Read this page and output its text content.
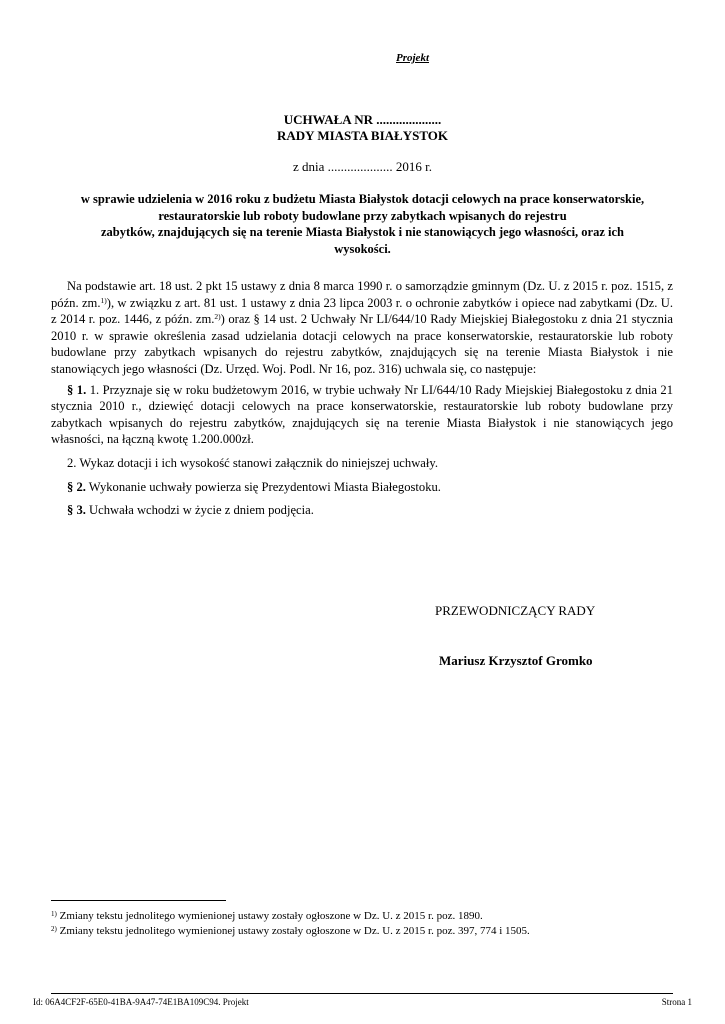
Projekt
UCHWAŁA NR ....................
RADY MIASTA BIAŁYSTOK
z dnia .................... 2016 r.
w sprawie udzielenia w 2016 roku z budżetu Miasta Białystok dotacji celowych na prace konserwatorskie,
restauratorskie lub roboty budowlane przy zabytkach wpisanych do rejestru
zabytków, znajdujących się na terenie Miasta Białystok i nie stanowiących jego własności, oraz ich
wysokości.

Na podstawie art. 18 ust. 2 pkt 15 ustawy z dnia 8 marca 1990 r. o samorządzie gminnym (Dz. U. z 2015 r. poz. 1515, z późn. zm.$^{1)}$), w związku z art. 81 ust. 1 ustawy z dnia 23 lipca 2003 r. o ochronie zabytków i opiece nad zabytkami (Dz. U. z 2014 r. poz. 1446, z późn. zm.$^{2)}$) oraz § 14 ust. 2 Uchwały Nr LI/644/10 Rady Miejskiej Białegostoku z dnia 21 stycznia 2010 r. w sprawie określenia zasad udzielania dotacji celowych na prace konserwatorskie, restauratorskie lub roboty budowlane przy zabytkach wpisanych do rejestru zabytków, znajdujących się na terenie Miasta Białystok i nie stanowiących jego własności (Dz. Urzęd. Woj. Podl. Nr 16, poz. 316) uchwala się, co następuje:

§ 1. 1. Przyznaje się w roku budżetowym 2016, w trybie uchwały Nr LI/644/10 Rady Miejskiej Białegostoku z dnia 21 stycznia 2010 r., dziewięć dotacji celowych na prace konserwatorskie, restauratorskie lub roboty budowlane przy zabytkach wpisanych do rejestru zabytków, znajdujących się na terenie Miasta Białystok i nie stanowiących jego własności, na łączną kwotę 1.200.000zł.

2. Wykaz dotacji i ich wysokość stanowi załącznik do niniejszej uchwały.

§ 2. Wykonanie uchwały powierza się Prezydentowi Miasta Białegostoku.

§ 3. Uchwała wchodzi w życie z dniem podjęcia.

PRZEWODNICZĄCY RADY
Mariusz Krzysztof Gromko
$^{1)}$ Zmiany tekstu jednolitego wymienionej ustawy zostały ogłoszone w Dz. U. z 2015 r. poz. 1890.
$^{2)}$ Zmiany tekstu jednolitego wymienionej ustawy zostały ogłoszone w Dz. U. z 2015 r. poz. 397, 774 i 1505.
Id: 06A4CF2F-65E0-41BA-9A47-74E1BA109C94. Projekt	Strona 1
